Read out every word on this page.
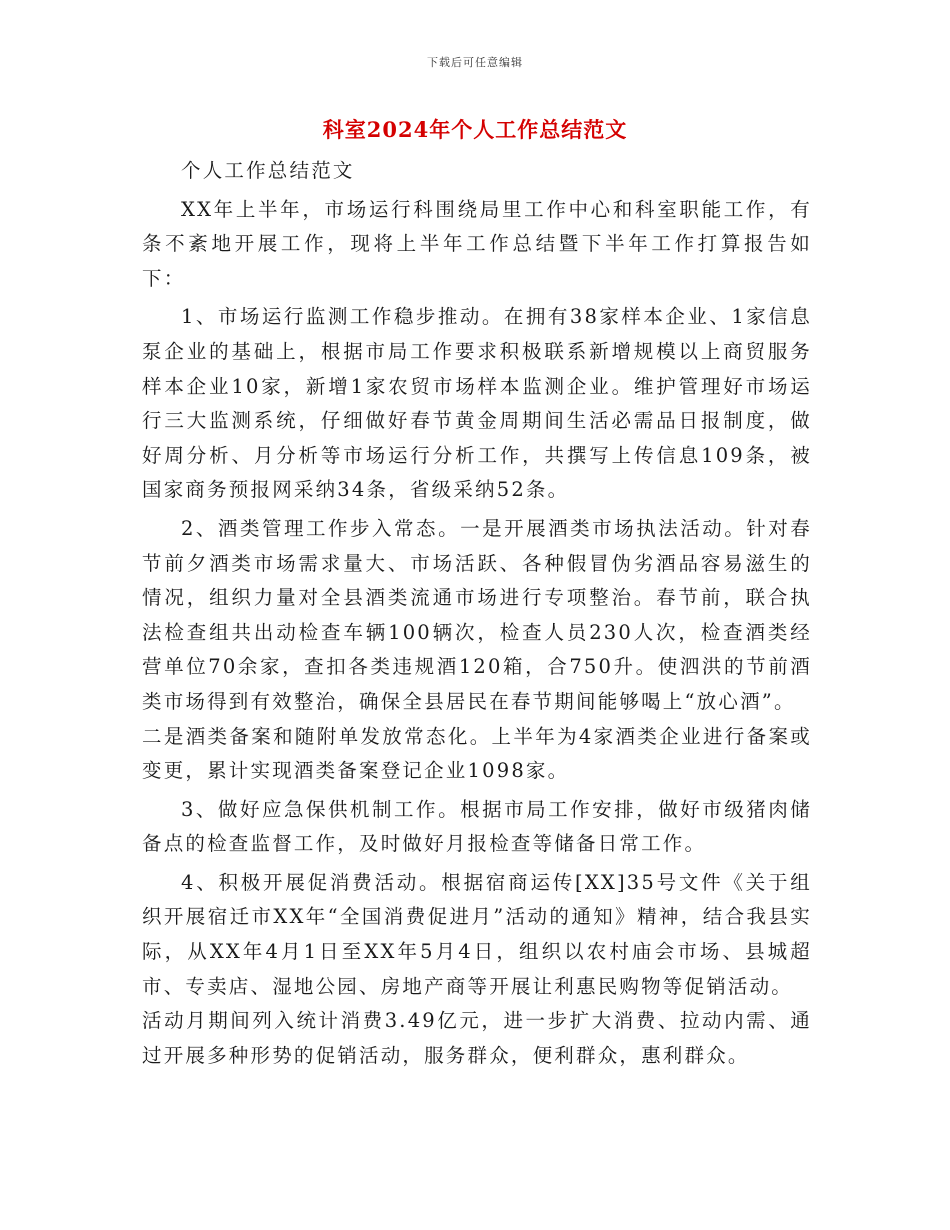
下载后可任意编辑
科室2024年个人工作总结范文

个人工作总结范文

XX年上半年，市场运行科围绕局里工作中心和科室职能工作，有条不紊地开展工作，现将上半年工作总结暨下半年工作打算报告如下：

1、市场运行监测工作稳步推动。在拥有38家样本企业、1家信息泵企业的基础上，根据市局工作要求积极联系新增规模以上商贸服务样本企业10家，新增1家农贸市场样本监测企业。维护管理好市场运行三大监测系统，仔细做好春节黄金周期间生活必需品日报制度，做好周分析、月分析等市场运行分析工作，共撰写上传信息109条，被国家商务预报网采纳34条，省级采纳52条。

2、酒类管理工作步入常态。一是开展酒类市场执法活动。针对春节前夕酒类市场需求量大、市场活跃、各种假冒伪劣酒品容易滋生的情况，组织力量对全县酒类流通市场进行专项整治。春节前，联合执法检查组共出动检查车辆100辆次，检查人员230人次，检查酒类经营单位70余家，查扣各类违规酒120箱，合750升。使泗洪的节前酒类市场得到有效整治，确保全县居民在春节期间能够喝上“放心酒”。

二是酒类备案和随附单发放常态化。上半年为4家酒类企业进行备案或变更，累计实现酒类备案登记企业1098家。

3、做好应急保供机制工作。根据市局工作安排，做好市级猪肉储备点的检查监督工作，及时做好月报检查等储备日常工作。

4、积极开展促消费活动。根据宿商运传[XX]35号文件《关于组织开展宿迁市XX年“全国消费促进月”活动的通知》精神，结合我县实际，从XX年4月1日至XX年5月4日，组织以农村庙会市场、县城超市、专卖店、湿地公园、房地产商等开展让利惠民购物等促销活动。

活动月期间列入统计消费3.49亿元，进一步扩大消费、拉动内需、通过开展多种形势的促销活动，服务群众，便利群众，惠利群众。
